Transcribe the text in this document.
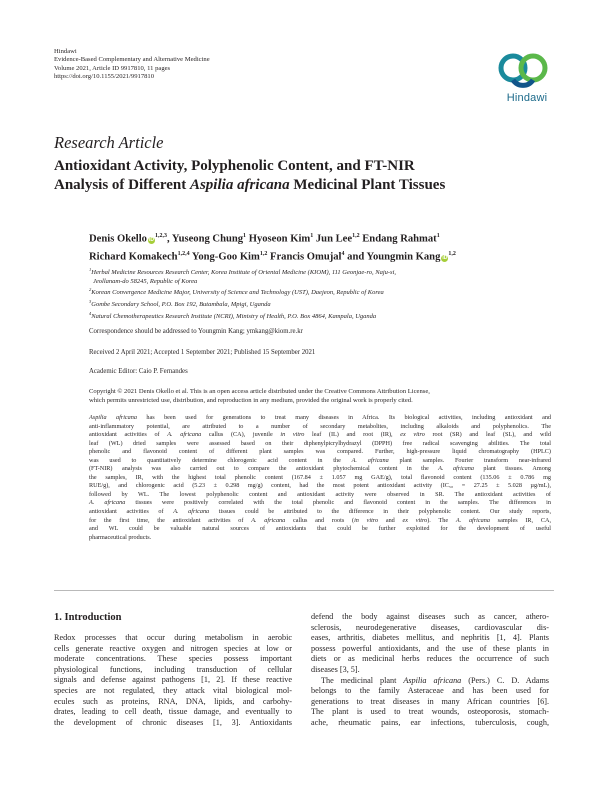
Hindawi
Evidence-Based Complementary and Alternative Medicine
Volume 2021, Article ID 9917810, 11 pages
https://doi.org/10.1155/2021/9917810
Hindawi
Research Article
Antioxidant Activity, Polyphenolic Content, and FT-NIR
Analysis of Different Aspilia africana Medicinal Plant Tissues
Denis Okello iD$^{1,2,3}$, Yuseong Chung$^1$ Hyoseon Kim$^1$ Jun Lee$^{1,2}$ Endang Rahmat$^1$
Richard Komakech$^{1,2,4}$ Yong-Goo Kim$^{1,2}$ Francis Omujal$^4$ and Youngmin Kang iD$^{1,2}$
$^1$Herbal Medicine Resources Research Center, Korea Institute of Oriental Medicine (KIOM), 111 Geonjae-ro, Naju-si,
Jeollanam-do 58245, Republic of Korea
$^2$Korean Convergence Medicine Major, University of Science and Technology (UST), Daejeon, Republic of Korea
$^3$Gombe Secondary School, P.O. Box 192, Butambala, Mpigi, Uganda
$^4$Natural Chemotherapeutics Research Institute (NCRI), Ministry of Health, P.O. Box 4864, Kampala, Uganda
Correspondence should be addressed to Youngmin Kang; ymkang@kiom.re.kr
Received 2 April 2021; Accepted 1 September 2021; Published 15 September 2021
Academic Editor: Caio P. Fernandes
Copyright © 2021 Denis Okello et al. This is an open access article distributed under the Creative Commons Attribution License,
which permits unrestricted use, distribution, and reproduction in any medium, provided the original work is properly cited.
Aspilia africana has been used for generations to treat many diseases in Africa. Its biological activities, including antioxidant and
anti-inflammatory potential, are attributed to a number of secondary metabolites, including alkaloids and polyphenolics. The
antioxidant activities of A. africana callus (CA), juvenile in vitro leaf (IL) and root (IR), ex vitro root (SR) and leaf (SL), and wild
leaf (WL) dried samples were assessed based on their diphenylpicrylhydrazyl (DPPH) free radical scavenging abilities. The total
phenolic and flavonoid content of different plant samples was compared. Further, high-pressure liquid chromatography (HPLC)
was used to quantitatively determine chlorogenic acid content in the A. africana plant samples. Fourier transform near-infrared
(FT-NIR) analysis was also carried out to compare the antioxidant phytochemical content in the A. africana plant tissues. Among
the samples, IR, with the highest total phenolic content (167.84 ± 1.057 mg GAE/g), total flavonoid content (135.06 ± 0.786 mg
RUE/g), and chlorogenic acid (5.23 ± 0.298 mg/g) content, had the most potent antioxidant activity (IC₅₀ = 27.25 ± 5.028 µg/mL),
followed by WL. The lowest polyphenolic content and antioxidant activity were observed in SR. The antioxidant activities of
A. africana tissues were positively correlated with the total phenolic and flavonoid content in the samples. The differences in
antioxidant activities of A. africana tissues could be attributed to the difference in their polyphenolic content. Our study reports,
for the first time, the antioxidant activities of A. africana callus and roots (in vitro and ex vitro). The A. africana samples IR, CA,
and WL could be valuable natural sources of antioxidants that could be further exploited for the development of useful
pharmaceutical products.
1. Introduction
Redox processes that occur during metabolism in aerobic
cells generate reactive oxygen and nitrogen species at low or
moderate concentrations. These species possess important
physiological functions, including transduction of cellular
signals and defense against pathogens [1, 2]. If these reactive
species are not regulated, they attack vital biological mol-
ecules such as proteins, RNA, DNA, lipids, and carbohy-
drates, leading to cell death, tissue damage, and eventually to
the development of chronic diseases [1, 3]. Antioxidants
defend the body against diseases such as cancer, athero-
sclerosis, neurodegenerative diseases, cardiovascular dis-
eases, arthritis, diabetes mellitus, and nephritis [1, 4]. Plants
possess powerful antioxidants, and the use of these plants in
diets or as medicinal herbs reduces the occurrence of such
diseases [3, 5].
The medicinal plant Aspilia africana (Pers.) C. D. Adams
belongs to the family Asteraceae and has been used for
generations to treat diseases in many African countries [6].
The plant is used to treat wounds, osteoporosis, stomach-
ache, rheumatic pains, ear infections, tuberculosis, cough,
